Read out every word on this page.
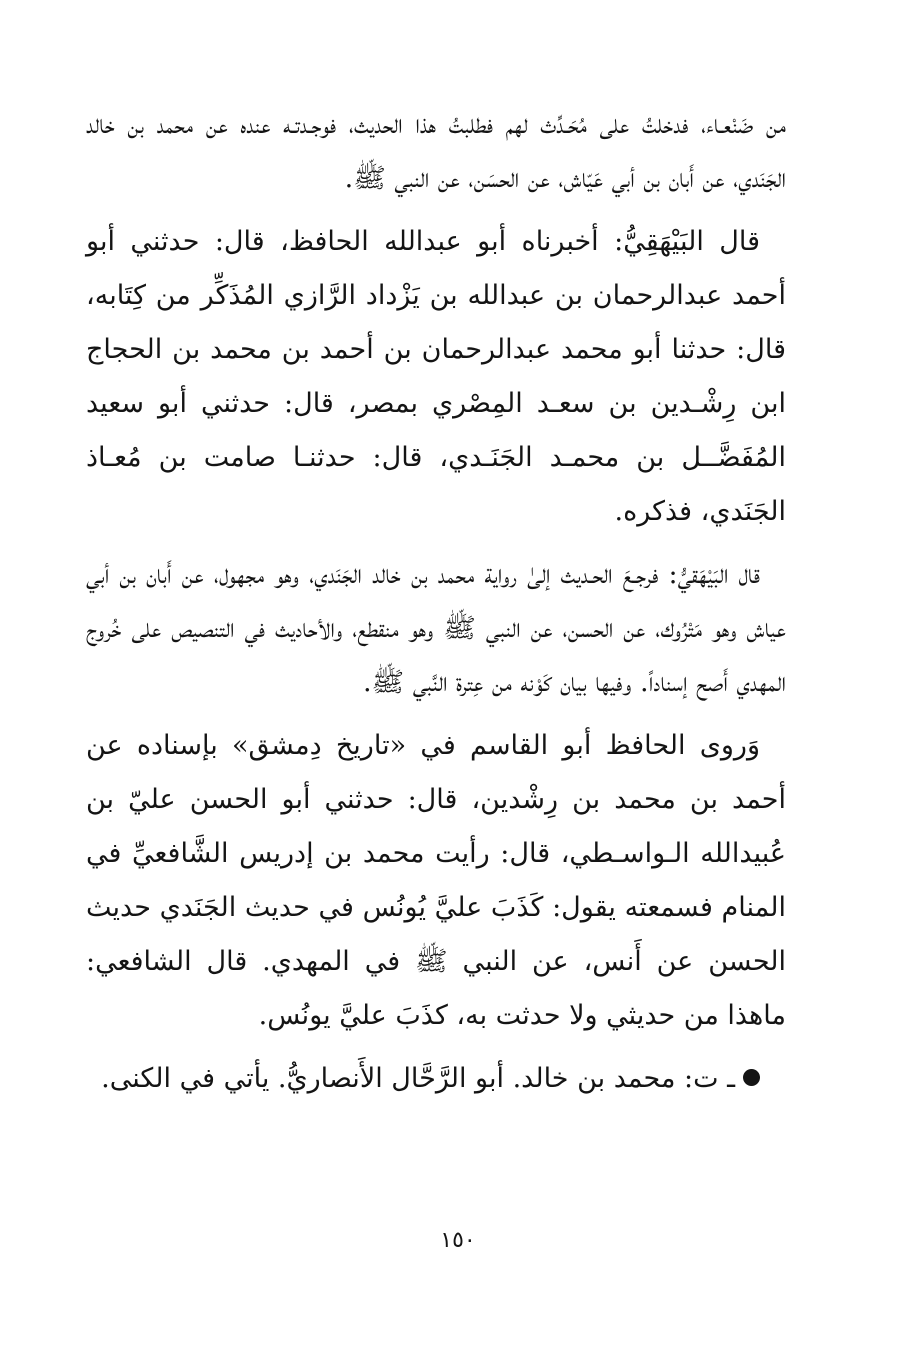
من ضَنْعـاء، فدخلتُ على مُحَـدِّث لهم فطلبتُ هذا الحديث، فوجـدتـه عنده عن محمد بن خالد الجَنَدي، عن أَبان بن أبي عَيّاش، عن الحسَن، عن النبي ﷺ.

قال البَيْهَقِيُّ: أخبرناه أبو عبدالله الحافظ، قال: حدثني أبو أحمد عبدالرحمان بن عبدالله بن يَزْداد الرَّازي المُذَكِّر من كِتَابه، قال: حدثنا أبو محمد عبدالرحمان بن أحمد بن محمد بن الحجاج ابن رِشْـدين بن سعـد المِصْري بمصر، قال: حدثني أبو سعيد المُفَضَّــل بن محمـد الجَنَـدي، قال: حدثنـا صامت بن مُعـاذ الجَنَدي، فذكره.

قال البَيْهَقيُّ: فرجـعَ الحـديث إلىٰ رواية محمد بن خالد الجَنَدي، وهو مجهول، عن أَبان بن أبي عياش وهو مَتْرُوك، عن الحسن، عن النبي ﷺ وهو منقطع، والأحاديث في التنصيص على خُروج المهدي أَصح إسناداً. وفيها بيان كَوْنه من عِترة النَّبي ﷺ.

وَروى الحافظ أبو القاسم في «تاريخ دِمشق» بإسناده عن أحمد بن محمد بن رِشْدين، قال: حدثني أبو الحسن عليّ بن عُبيدالله الـواسـطي، قال: رأيت محمد بن إدريس الشَّافعيِّ في المنام فسمعته يقول: كَذَبَ عليَّ يُونُس في حديث الجَنَدي حديث الحسن عن أَنس، عن النبي ﷺ في المهدي. قال الشافعي: ماهذا من حديثي ولا حدثت به، كذَبَ عليَّ يونُس.

ـ ت: محمد بن خالد. أبو الرَّحَّال الأَنصاريُّ. يأتي في الكنى.

١٥٠
